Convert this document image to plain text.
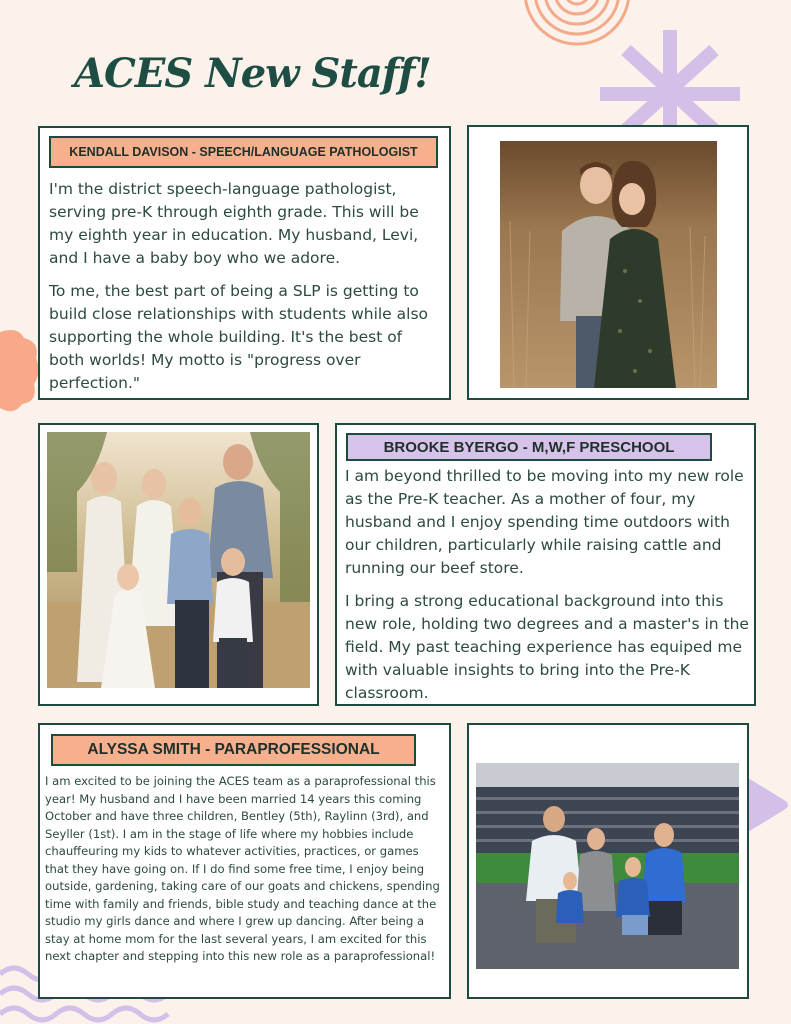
ACES New Staff!
KENDALL DAVISON - SPEECH/LANGUAGE PATHOLOGIST

I'm the district speech-language pathologist, serving pre-K through eighth grade. This will be my eighth year in education. My husband, Levi, and I have a baby boy who we adore.

To me, the best part of being a SLP is getting to build close relationships with students while also supporting the whole building. It's the best of both worlds! My motto is "progress over perfection."

BROOKE BYERGO - M,W,F PRESCHOOL

I am beyond thrilled to be moving into my new role as the Pre-K teacher. As a mother of four, my husband and I enjoy spending time outdoors with our children, particularly while raising cattle and running our beef store.

I bring a strong educational background into this new role, holding two degrees and a master's in the field. My past teaching experience has equiped me with valuable insights to bring into the Pre-K classroom.

ALYSSA SMITH - PARAPROFESSIONAL

I am excited to be joining the ACES team as a paraprofessional this year! My husband and I have been married 14 years this coming October and have three children, Bentley (5th), Raylinn (3rd), and Seyller (1st). I am in the stage of life where my hobbies include chauffeuring my kids to whatever activities, practices, or games that they have going on. If I do find some free time, I enjoy being outside, gardening, taking care of our goats and chickens, spending time with family and friends, bible study and teaching dance at the studio my girls dance and where I grew up dancing. After being a stay at home mom for the last several years, I am excited for this next chapter and stepping into this new role as a paraprofessional!
